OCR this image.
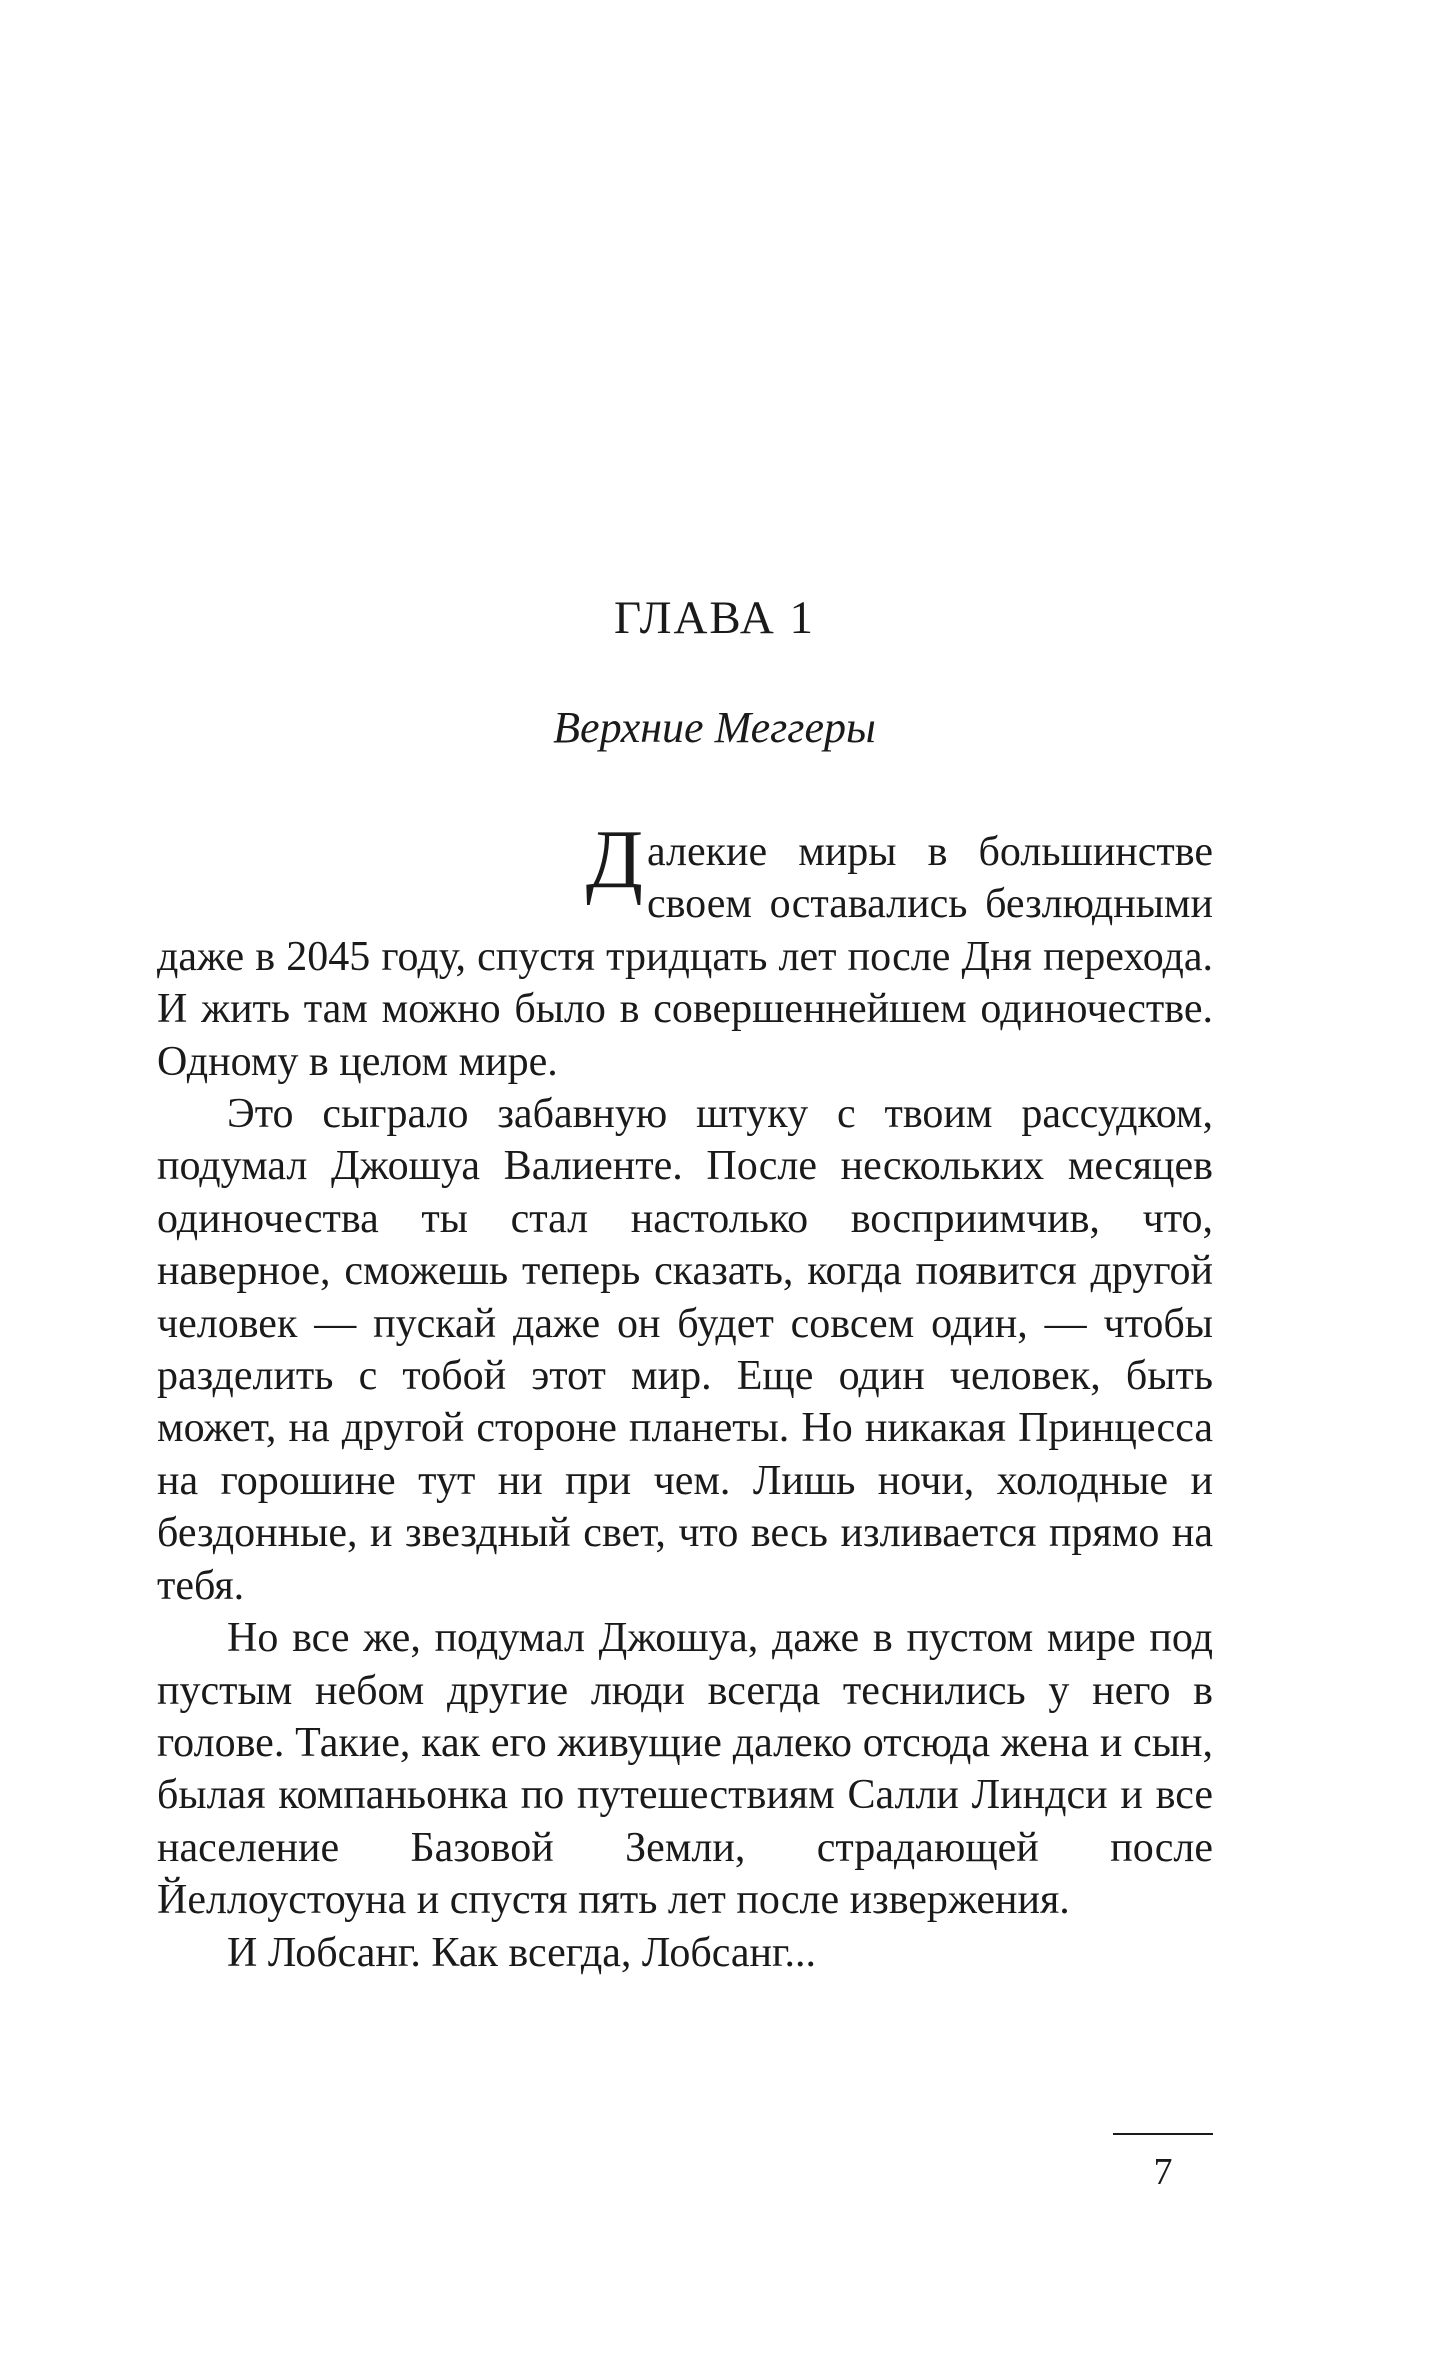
ГЛАВА 1
Верхние Меггеры

Далекие миры в большинстве своем оставались безлюдными даже в 2045 году, спустя тридцать лет после Дня перехода. И жить там можно было в совершеннейшем одиночестве. Одному в целом мире.

Это сыграло забавную штуку с твоим рассудком, подумал Джошуа Валиенте. После нескольких месяцев одиночества ты стал настолько восприимчив, что, наверное, сможешь теперь сказать, когда появится другой человек — пускай даже он будет совсем один, — чтобы разделить с тобой этот мир. Еще один человек, быть может, на другой стороне планеты. Но никакая Принцесса на горошине тут ни при чем. Лишь ночи, холодные и бездонные, и звездный свет, что весь изливается прямо на тебя.

Но все же, подумал Джошуа, даже в пустом мире под пустым небом другие люди всегда теснились у него в голове. Такие, как его живущие далеко отсюда жена и сын, былая компаньонка по путешествиям Салли Линдси и все население Базовой Земли, страдающей после Йеллоустоуна и спустя пять лет после извержения.

И Лобсанг. Как всегда, Лобсанг...

7
